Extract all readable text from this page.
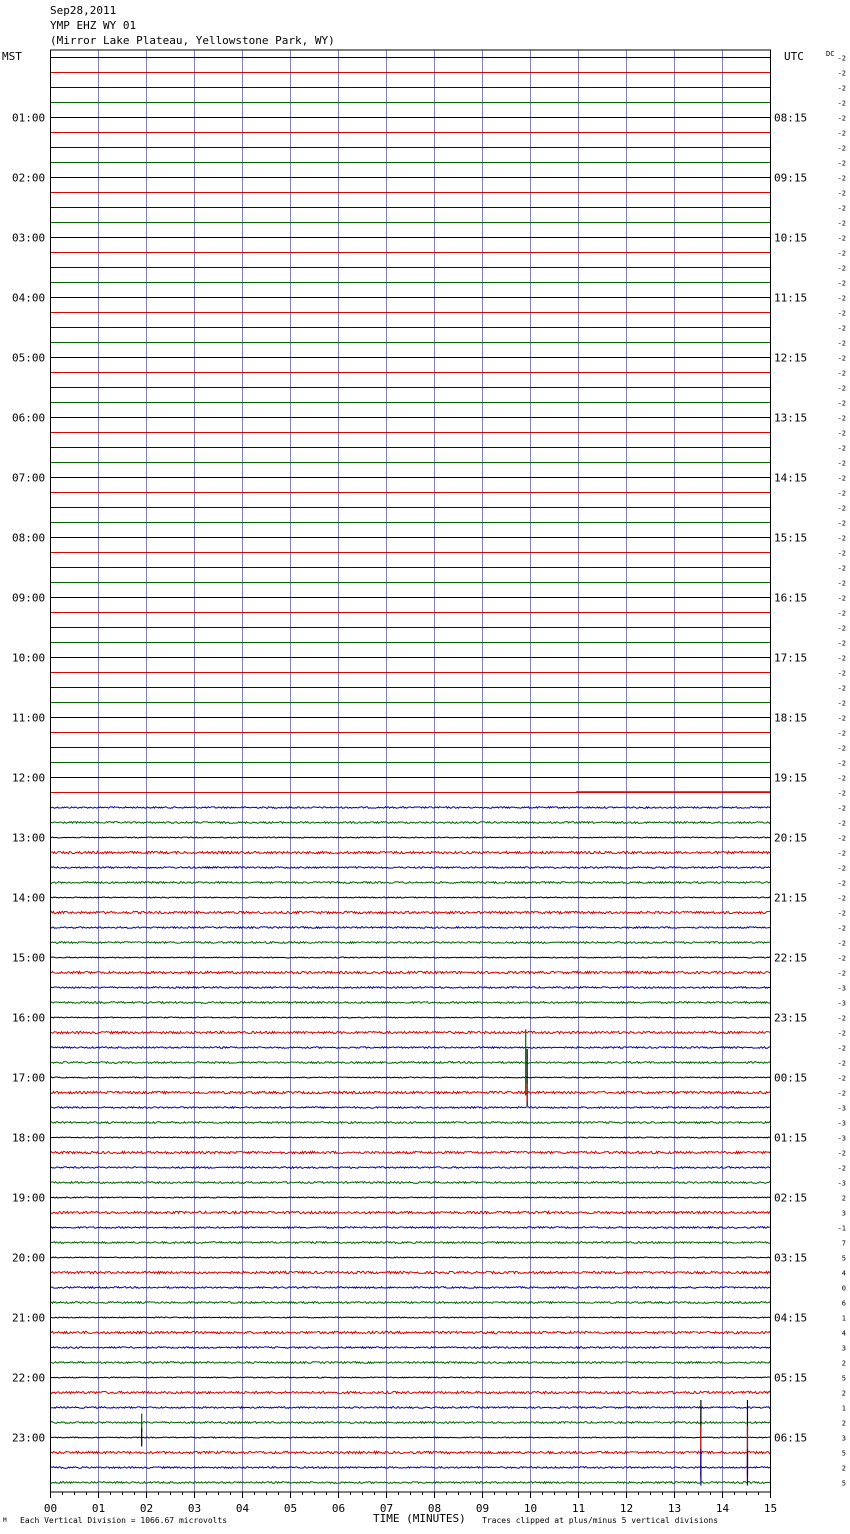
Sep28,2011
YMP EHZ WY 01
(Mirror Lake Plateau, Yellowstone Park, WY)
MST	UTC	DC
01:00
02:00
03:00
04:00
05:00
06:00
07:00
08:00
09:00
10:00
11:00
12:00
13:00
14:00
15:00
16:00
17:00
18:00
19:00
20:00
21:00
22:00
23:00
08:15
09:15
10:15
11:15
12:15
13:15
14:15
15:15
16:15
17:15
18:15
19:15
20:15
21:15
22:15
23:15
00:15
01:15
02:15
03:15
04:15
05:15
06:15
-2
-2
-2
-2
-2
-2
-2
-2
-2
-2
-2
-2
-2
-2
-2
-2
-2
-2
-2
-2
-2
-2
-2
-2
-2
-2
-2
-2
-2
-2
-2
-2
-2
-2
-2
-2
-2
-2
-2
-2
-2
-2
-2
-2
-2
-2
-2
-2
-2
-2
-2
-2
-2
-2
-2
-2
-2
-2
-2
-2
-2
-2
-3
-3
-2
-2
-2
-2
-2
-2
-3
-3
-3
-2
-2
-3
2
3
-1
7
5
4
0
6
1
4
3
2
5
2
1
2
3
5
2
5
00	01	02	03	04	05	06	07	08	09	10	11	12	13	14	15
M Each Vertical Division = 1066.67 microvolts	TIME (MINUTES) Traces clipped at plus/minus 5 vertical divisions
